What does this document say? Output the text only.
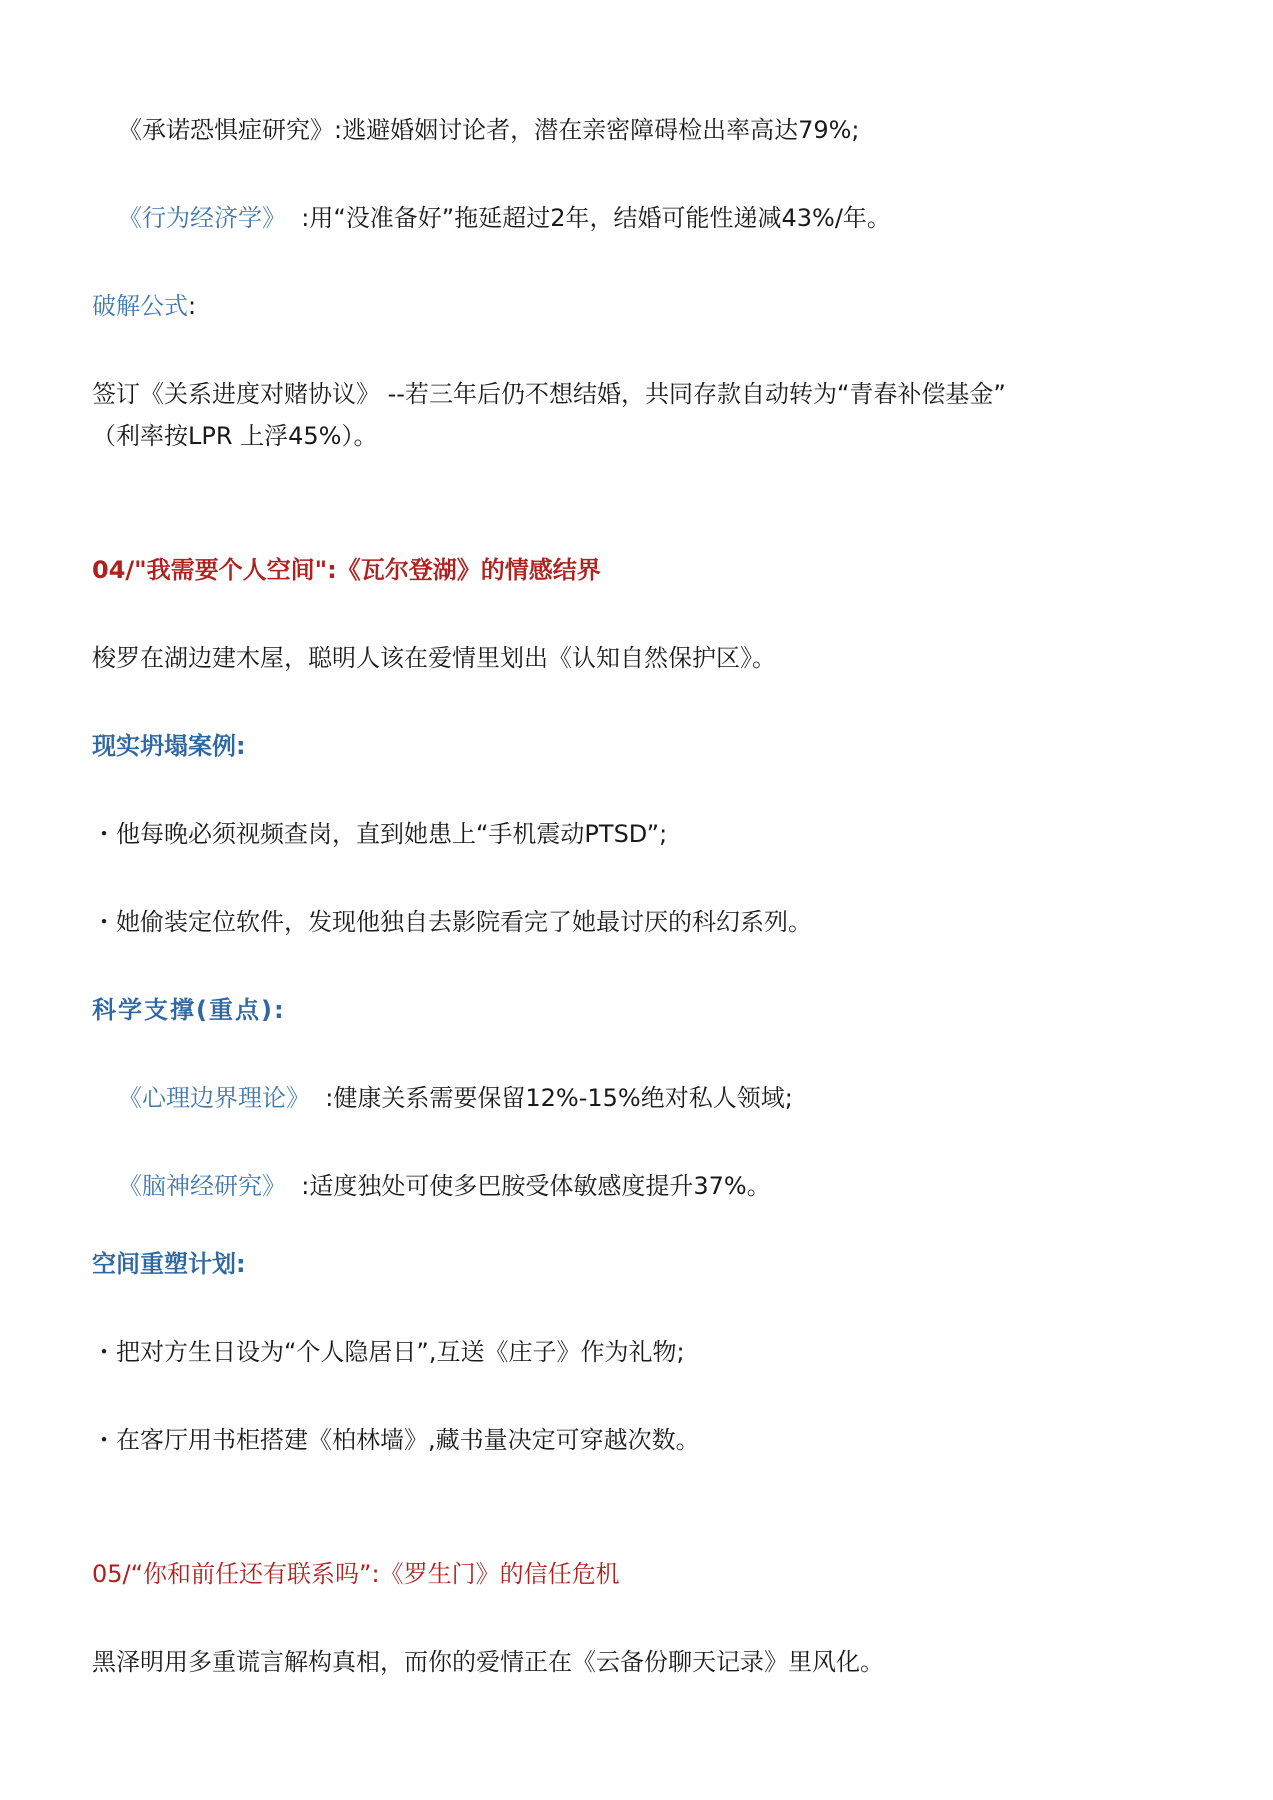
《承诺恐惧症研究》:逃避婚姻讨论者，潜在亲密障碍检出率高达79%;
《行为经济学》 :用“没准备好”拖延超过2年，结婚可能性递减43%/年。
破解公式:
签订《关系进度对赌协议》 --若三年后仍不想结婚，共同存款自动转为“青春补偿基金”
（利率按LPR 上浮45%）。
04/"我需要个人空间":《瓦尔登湖》的情感结界
梭罗在湖边建木屋，聪明人该在爱情里划出《认知自然保护区》。
现实坍塌案例:
・他每晚必须视频查岗，直到她患上“手机震动PTSD”;
・她偷装定位软件，发现他独自去影院看完了她最讨厌的科幻系列。
科学支撑(重点):
《心理边界理论》 :健康关系需要保留12%-15%绝对私人领域;
《脑神经研究》 :适度独处可使多巴胺受体敏感度提升37%。
空间重塑计划:
・把对方生日设为“个人隐居日”,互送《庄子》作为礼物;
・在客厅用书柜搭建《柏林墙》,藏书量决定可穿越次数。
05/“你和前任还有联系吗”:《罗生门》的信任危机
黑泽明用多重谎言解构真相，而你的爱情正在《云备份聊天记录》里风化。
